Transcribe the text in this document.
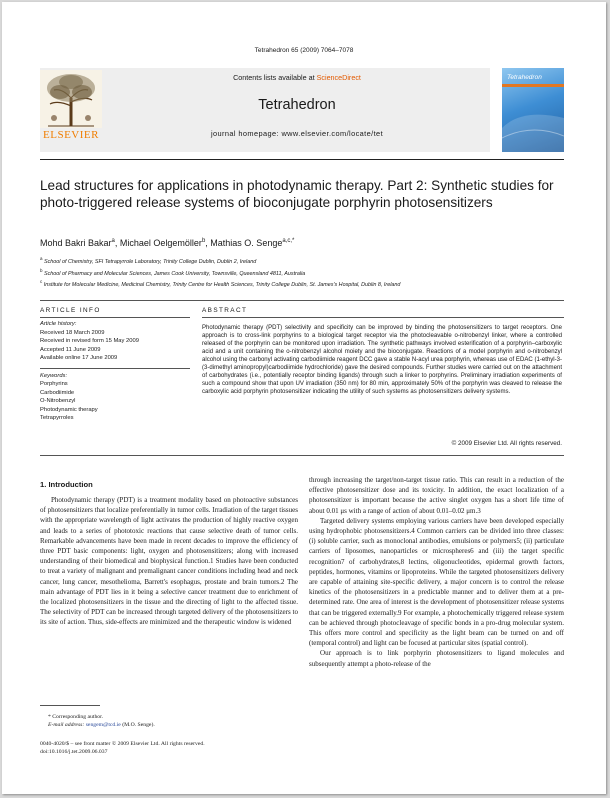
Tetrahedron 65 (2009) 7064–7078
ELSEVIER
Contents lists available at ScienceDirect
Tetrahedron
journal homepage: www.elsevier.com/locate/tet
Tetrahedron
Lead structures for applications in photodynamic therapy. Part 2: Synthetic studies for photo-triggered release systems of bioconjugate porphyrin photosensitizers
Mohd Bakri Bakar$^a$, Michael Oelgemöller$^b$, Mathias O. Senge$^{a,c,*}$
$^a$ School of Chemistry, SFI Tetrapyrrole Laboratory, Trinity College Dublin, Dublin 2, Ireland
$^b$ School of Pharmacy and Molecular Sciences, James Cook University, Townsville, Queensland 4811, Australia
$^c$ Institute for Molecular Medicine, Medicinal Chemistry, Trinity Centre for Health Sciences, Trinity College Dublin, St. James's Hospital, Dublin 8, Ireland
ARTICLE INFO	ABSTRACT
Article history:
Received 18 March 2009
Received in revised form 15 May 2009
Accepted 11 June 2009
Available online 17 June 2009
Keywords:
Porphyrins
Carbodiimide
O-Nitrobenzyl
Photodynamic therapy
Tetrapyrroles
Photodynamic therapy (PDT) selectivity and specificity can be improved by binding the photosensitizers to target receptors. One approach is to cross-link porphyrins to a biological target receptor via the photocleavable o-nitrobenzyl linker, where a controlled released of the porphyrin can be monitored upon irradiation. The synthetic pathways involved esterification of a porphyrin–carboxylic acid and a unit containing the o-nitrobenzyl alcohol moiety and the bioconjugate. Reactions of a model porphyrin and o-nitrobenzyl alcohol using the carbonyl activating carbodiimide reagent DCC gave a stable N-acyl urea porphyrin, whereas use of EDAC (1-ethyl-3-(3-dimethyl aminopropyl)carbodiimide hydrochloride) gave the desired compounds. Further studies were carried out on the attachment of carbohydrates (i.e., potentially receptor binding ligands) through such a linker to porphyrins. Preliminary irradiation experiments of such a compound show that upon UV irradiation (350 nm) for 80 min, approximately 50% of the porphyrin was cleaved to release the carboxylic acid porphyrin photosensitizer indicating the utility of such systems as photosensitizers delivery systems.
© 2009 Elsevier Ltd. All rights reserved.
1. Introduction

Photodynamic therapy (PDT) is a treatment modality based on photoactive substances of photosensitizers that localize preferentially in tumor cells. Irradiation of the target tissues with the appropriate wavelength of light activates the production of highly reactive oxygen and leads to a series of phototoxic reactions that cause selective death of tumor cells. Remarkable advancements have been made in recent decades to improve the efficiency of three PDT basic components: light, oxygen and photosensitizers; along with increased understanding of their biomedical and biophysical function.1 Studies have been conducted to treat a variety of malignant and premalignant cancer conditions including head and neck cancer, lung cancer, mesothelioma, Barrett's esophagus, prostate and brain tumors.2 The main advantage of PDT lies in it being a selective cancer treatment due to enrichment of the localized photosensitizers in the tissue and the directing of light to the affected tissue. The selectivity of PDT can be increased through targeted delivery of the photosensitizers to its site of action. Thus, side-effects are minimized and the therapeutic window is widened

through increasing the target/non-target tissue ratio. This can result in a reduction of the effective photosensitizer dose and its toxicity. In addition, the exact localization of a photosensitizer is important because the active singlet oxygen has a short life time of about 0.01 μs with a range of action of about 0.01–0.02 μm.3

Targeted delivery systems employing various carriers have been developed especially using hydrophobic photosensitizers.4 Common carriers can be divided into three classes: (i) soluble carrier, such as monoclonal antibodies, emulsions or polymers5; (ii) particulate carriers of liposomes, nanoparticles or microspheres6 and (iii) the target specific recognition7 of carbohydrates,8 lectins, oligonucleotides, epidermal growth factors, peptides, hormones, vitamins or lipoproteins. While the targeted photosensitizers delivery are capable of attaining site-specific delivery, a major concern is to control the release kinetics of the photosensitizers in a predictable manner and to deliver them at a pre-determined rate. One area of interest is the development of photosensitizer release systems that can be triggered externally.9 For example, a photochemically triggered release system can be achieved through photocleavage of specific bonds in a pro-drug molecular system. This offers more control and specificity as the light beam can be turned on and off (temporal control) and light can be focused at particular sites (spatial control).

Our approach is to link porphyrin photosensitizers to ligand molecules and subsequently attempt a photo-release of the

* Corresponding author.
E-mail address: sengem@tcd.ie (M.O. Senge).
0040-4020/$ – see front matter © 2009 Elsevier Ltd. All rights reserved.
doi:10.1016/j.tet.2009.06.037
